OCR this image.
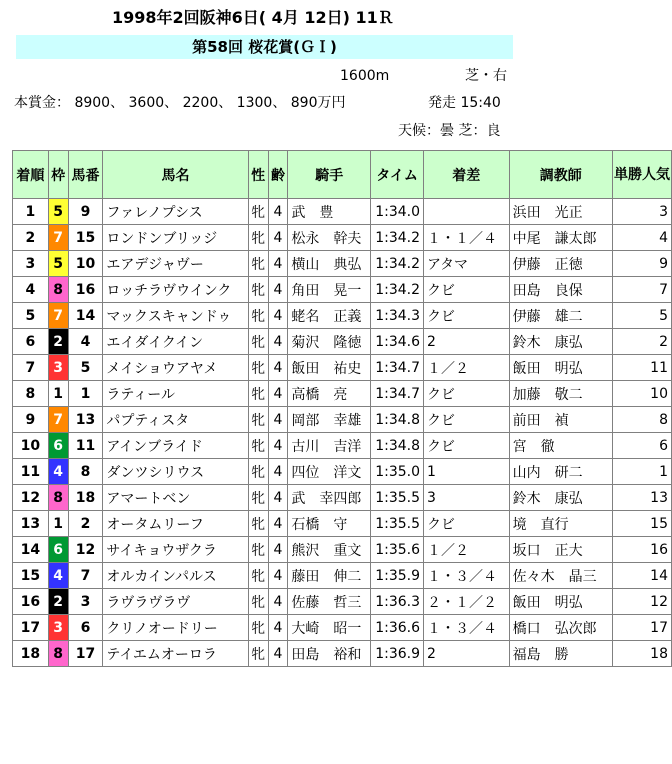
1998年2回阪神6日( 4月 12日) 11Ｒ
第58回 桜花賞(ＧＩ)
1600m	芝・右
本賞金： 8900、 3600、 2200、 1300、 890万円	発走 15:40
天候：曇 芝：良
着順	枠	馬番	馬名	性	齢	騎手	タイム	着差	調教師	単勝人気
1	5	9	ファレノプシス	牝	4	武　豊	1:34.0		浜田　光正	3
2	7	15	ロンドンブリッジ	牝	4	松永　幹夫	1:34.2	１・１／４	中尾　謙太郎	4
3	5	10	エアデジャヴー	牝	4	横山　典弘	1:34.2	アタマ	伊藤　正徳	9
4	8	16	ロッチラヴウインク	牝	4	角田　晃一	1:34.2	クビ	田島　良保	7
5	7	14	マックスキャンドゥ	牝	4	蛯名　正義	1:34.3	クビ	伊藤　雄二	5
6	2	4	エイダイクイン	牝	4	菊沢　隆徳	1:34.6	2	鈴木　康弘	2
7	3	5	メイショウアヤメ	牝	4	飯田　祐史	1:34.7	１／２	飯田　明弘	11
8	1	1	ラティール	牝	4	高橋　亮	1:34.7	クビ	加藤　敬二	10
9	7	13	パプティスタ	牝	4	岡部　幸雄	1:34.8	クビ	前田　禎	8
10	6	11	アインブライド	牝	4	古川　吉洋	1:34.8	クビ	宮　徹	6
11	4	8	ダンツシリウス	牝	4	四位　洋文	1:35.0	1	山内　研二	1
12	8	18	アマートベン	牝	4	武　幸四郎	1:35.5	3	鈴木　康弘	13
13	1	2	オータムリーフ	牝	4	石橋　守	1:35.5	クビ	境　直行	15
14	6	12	サイキョウザクラ	牝	4	熊沢　重文	1:35.6	１／２	坂口　正大	16
15	4	7	オルカインパルス	牝	4	藤田　伸二	1:35.9	１・３／４	佐々木　晶三	14
16	2	3	ラヴラヴラヴ	牝	4	佐藤　哲三	1:36.3	２・１／２	飯田　明弘	12
17	3	6	クリノオードリー	牝	4	大崎　昭一	1:36.6	１・３／４	橋口　弘次郎	17
18	8	17	テイエムオーロラ	牝	4	田島　裕和	1:36.9	2	福島　勝	18
